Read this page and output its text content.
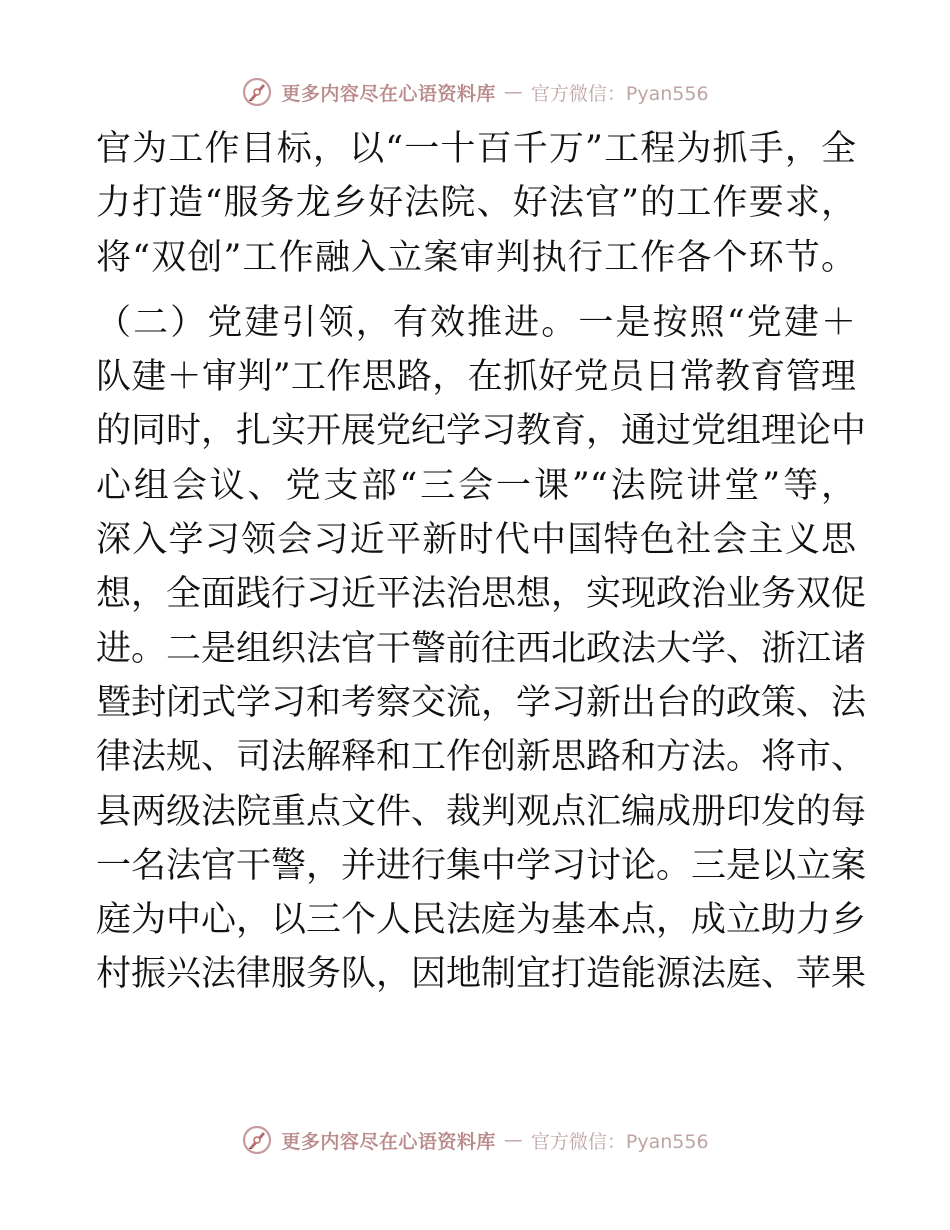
更多内容尽在心语资料库 — 官方微信：Pyan556
官为工作目标，以“一十百千万”工程为抓手，全
力打造“服务龙乡好法院、好法官”的工作要求，
将“双创”工作融入立案审判执行工作各个环节。
（二）党建引领，有效推进。一是按照“党建＋
队建＋审判”工作思路，在抓好党员日常教育管理
的同时，扎实开展党纪学习教育，通过党组理论中
心组会议、党支部“三会一课”“法院讲堂”等，
深入学习领会习近平新时代中国特色社会主义思
想，全面践行习近平法治思想，实现政治业务双促
进。二是组织法官干警前往西北政法大学、浙江诸
暨封闭式学习和考察交流，学习新出台的政策、法
律法规、司法解释和工作创新思路和方法。将市、
县两级法院重点文件、裁判观点汇编成册印发的每
一名法官干警，并进行集中学习讨论。三是以立案
庭为中心，以三个人民法庭为基本点，成立助力乡
村振兴法律服务队，因地制宜打造能源法庭、苹果
更多内容尽在心语资料库 — 官方微信：Pyan556
